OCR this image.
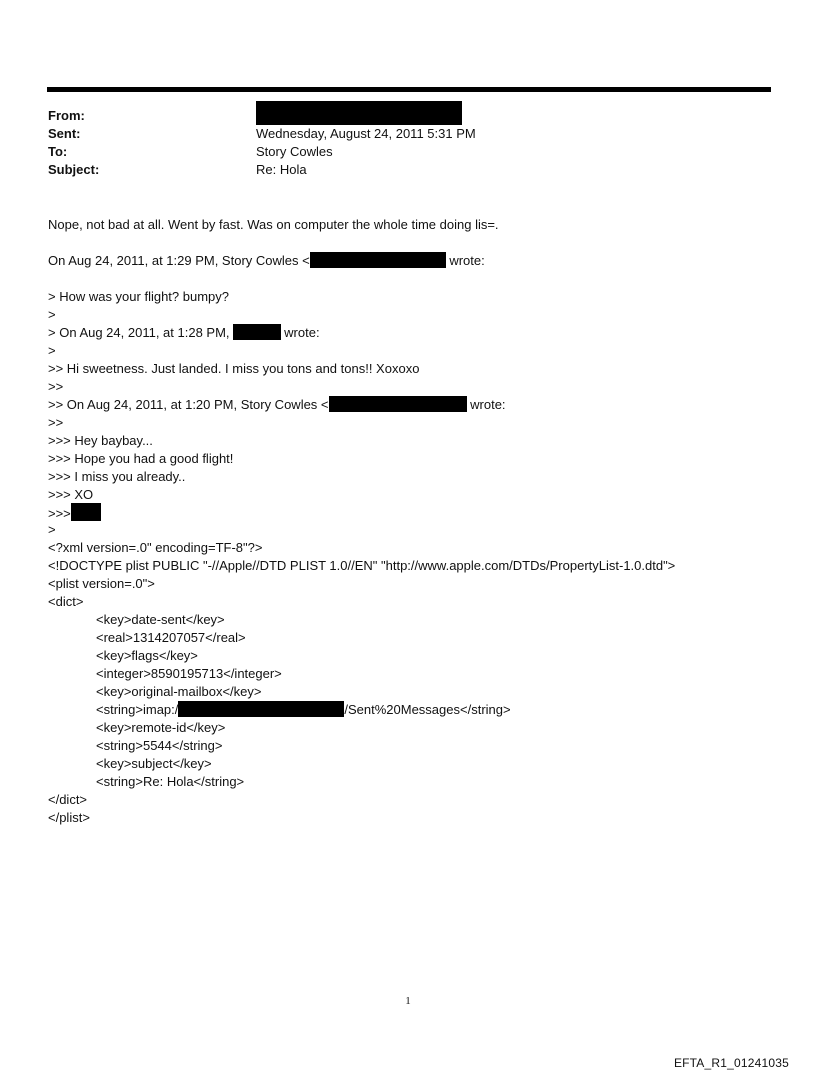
From:
Sent:	Wednesday, August 24, 2011 5:31 PM
To:	Story Cowles
Subject:	Re: Hola
Nope, not bad at all. Went by fast. Was on computer the whole time doing lis=.
On Aug 24, 2011, at 1:29 PM, Story Cowles <	wrote:
> How was your flight? bumpy?
>
> On Aug 24, 2011, at 1:28 PM,	wrote:
>
>> Hi sweetness. Just landed. I miss you tons and tons!! Xoxoxo
>>
>> On Aug 24, 2011, at 1:20 PM, Story Cowles <	wrote:
>>
>>> Hey baybay...
>>> Hope you had a good flight!
>>> I miss you already..
>>> XO
>>>
>
<?xml version=.0" encoding=TF-8"?>
<!DOCTYPE plist PUBLIC "-//Apple//DTD PLIST 1.0//EN" "http://www.apple.com/DTDs/PropertyList-1.0.dtd">
<plist version=.0">
<dict>
<key>date-sent</key>
<real>1314207057</real>
<key>flags</key>
<integer>8590195713</integer>
<key>original-mailbox</key>
<string>imap:/	/Sent%20Messages</string>
<key>remote-id</key>
<string>5544</string>
<key>subject</key>
<string>Re: Hola</string>
</dict>
</plist>
1
EFTA_R1_01241035
